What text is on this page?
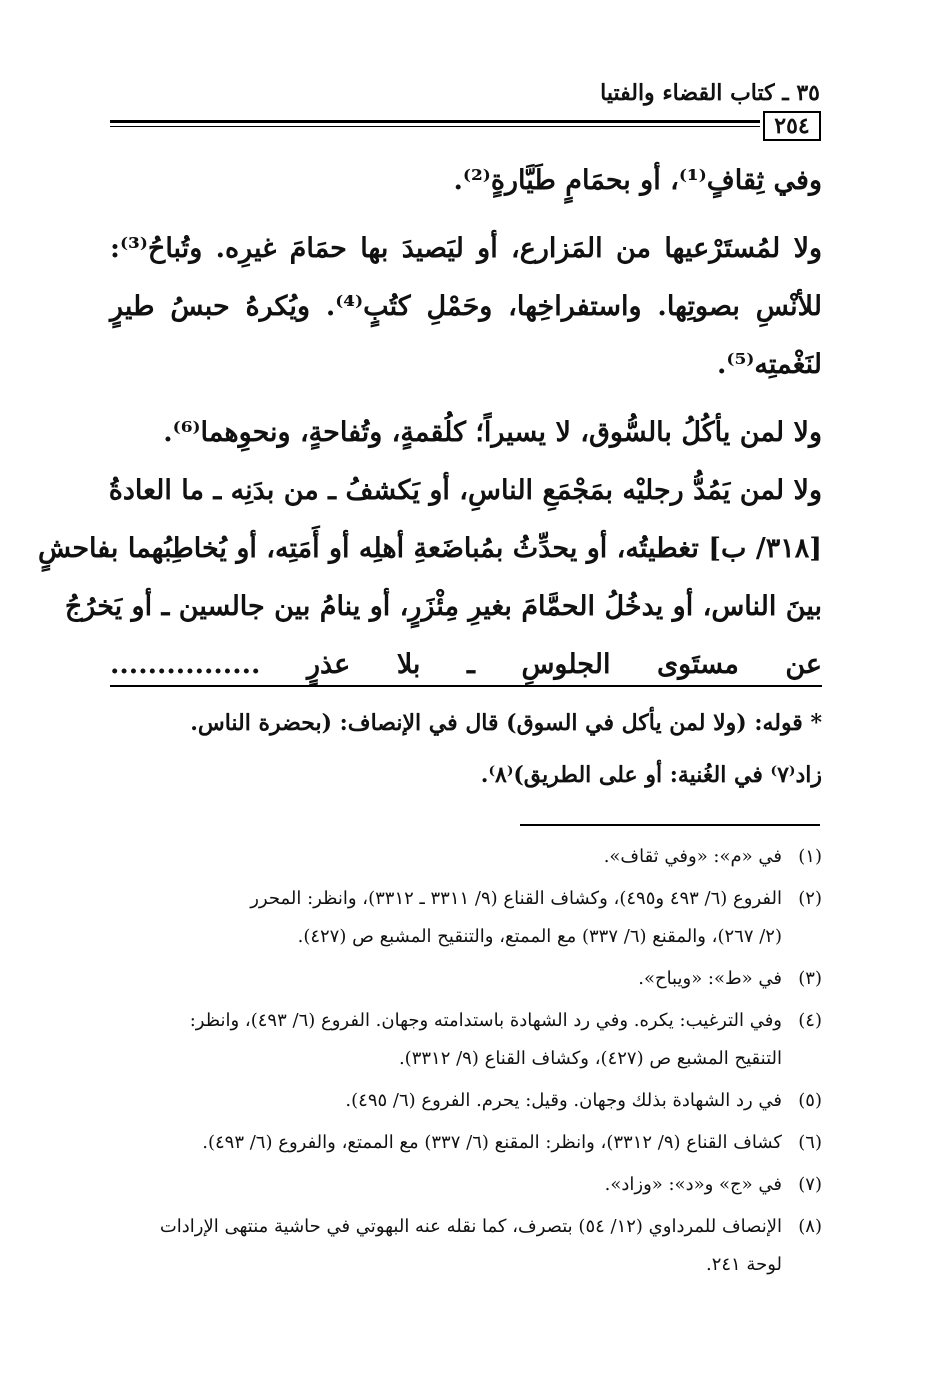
٣٥ ـ كتاب القضاء والفتيا
٢٥٤
وفي ثِقافٍ⁽¹⁾، أو بحمَامٍ طَيَّارةٍ⁽²⁾.
ولا لمُستَرْعيها من المَزارع، أو ليَصيدَ بها حمَامَ غيرِه. وتُباحُ⁽³⁾:
للأنْسِ بصوتِها. واستفراخِها، وحَمْلِ كتُبٍ⁽⁴⁾. ويُكرهُ حبسُ طيرٍ
لنَغْمتِه⁽⁵⁾.
ولا لمن يأكُلُ بالسُّوق، لا يسيراً؛ كلُقمةٍ، وتُفاحةٍ، ونحوِهما⁽⁶⁾.
ولا لمن يَمُدُّ رجليْه بمَجْمَعِ الناسِ، أو يَكشفُ ـ من بدَنِه ـ ما العادةُ
[٣١٨/ ب] تغطيتُه، أو يحدِّثُ بمُباضَعةِ أهلِه أو أَمَتِه، أو يُخاطِبُهما بفاحشٍ
بينَ الناس، أو يدخُلُ الحمَّامَ بغيرِ مِئْزَرٍ، أو ينامُ بين جالسين ـ أو يَخرُجُ
عن مستَوى الجلوسِ ـ بلا عذرٍ ................
* قوله: (ولا لمن يأكل في السوق) قال في الإنصاف: (بحضرة الناس.
زاد⁽٧⁾ في الغُنية: أو على الطريق)⁽٨⁾.
(١)
في «م»: «وفي ثقاف».
(٢)
الفروع (٦/ ٤٩٣ و٤٩٥)، وكشاف القناع (٩/ ٣٣١١ ـ ٣٣١٢)، وانظر: المحرر
(٢/ ٢٦٧)، والمقنع (٦/ ٣٣٧) مع الممتع، والتنقيح المشبع ص (٤٢٧).
(٣)
في «ط»: «ويباح».
(٤)
وفي الترغيب: يكره. وفي رد الشهادة باستدامته وجهان. الفروع (٦/ ٤٩٣)، وانظر:
التنقيح المشبع ص (٤٢٧)، وكشاف القناع (٩/ ٣٣١٢).
(٥)
في رد الشهادة بذلك وجهان. وقيل: يحرم. الفروع (٦/ ٤٩٥).
(٦)
كشاف القناع (٩/ ٣٣١٢)، وانظر: المقنع (٦/ ٣٣٧) مع الممتع، والفروع (٦/ ٤٩٣).
(٧)
في «ج» و«د»: «وزاد».
(٨)
الإنصاف للمرداوي (١٢/ ٥٤) بتصرف، كما نقله عنه البهوتي في حاشية منتهى الإرادات
لوحة ٢٤١.
